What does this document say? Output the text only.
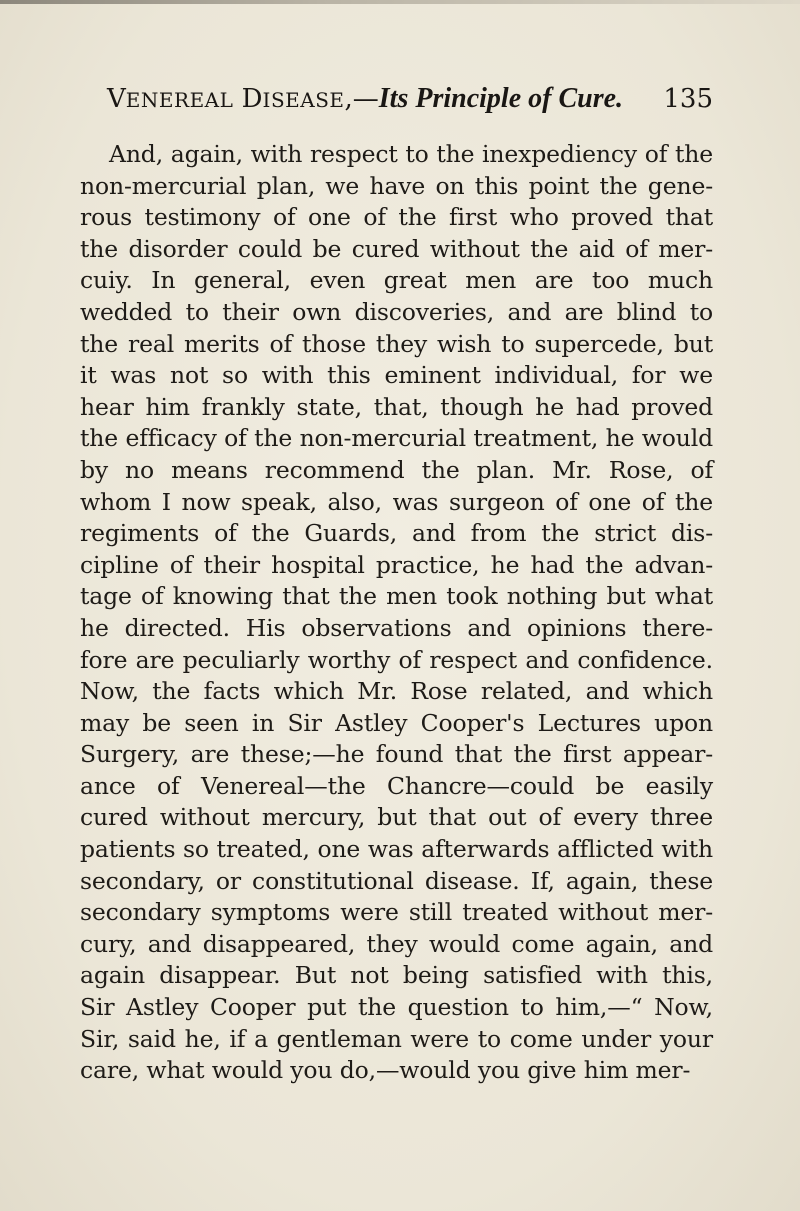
VENEREAL DISEASE,—Its Principle of Cure. 135
And, again, with respect to the inexpediency of the
non-mercurial plan, we have on this point the gene-
rous testimony of one of the first who proved that
the disorder could be cured without the aid of mer-
cuiy. In general, even great men are too much
wedded to their own discoveries, and are blind to
the real merits of those they wish to supercede, but
it was not so with this eminent individual, for we
hear him frankly state, that, though he had proved
the efficacy of the non-mercurial treatment, he would
by no means recommend the plan. Mr. Rose, of
whom I now speak, also, was surgeon of one of the
regiments of the Guards, and from the strict dis-
cipline of their hospital practice, he had the advan-
tage of knowing that the men took nothing but what
he directed. His observations and opinions there-
fore are peculiarly worthy of respect and confidence.
Now, the facts which Mr. Rose related, and which
may be seen in Sir Astley Cooper's Lectures upon
Surgery, are these;—he found that the first appear-
ance of Venereal—the Chancre—could be easily
cured without mercury, but that out of every three
patients so treated, one was afterwards afflicted with
secondary, or constitutional disease. If, again, these
secondary symptoms were still treated without mer-
cury, and disappeared, they would come again, and
again disappear. But not being satisfied with this,
Sir Astley Cooper put the question to him,—“ Now,
Sir, said he, if a gentleman were to come under your
care, what would you do,—would you give him mer-
